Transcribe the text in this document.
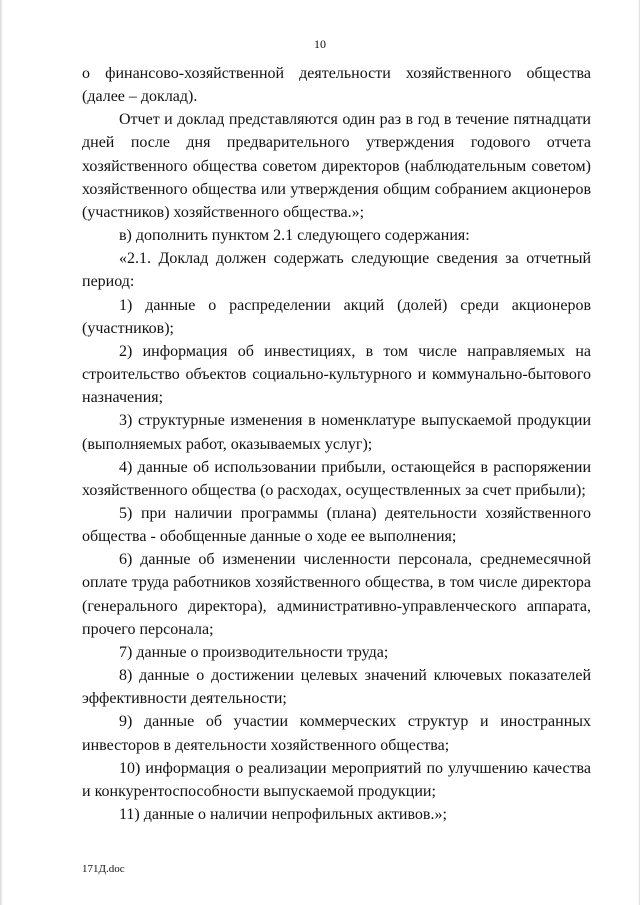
10

о финансово-хозяйственной деятельности хозяйственного общества (далее – доклад).

Отчет и доклад представляются один раз в год в течение пятнадцати дней после дня предварительного утверждения годового отчета хозяйственного общества советом директоров (наблюдательным советом) хозяйственного общества или утверждения общим собранием акционеров (участников) хозяйственного общества.»;

в) дополнить пунктом 2.1 следующего содержания:

«2.1. Доклад должен содержать следующие сведения за отчетный период:

1) данные о распределении акций (долей) среди акционеров (участников);

2) информация об инвестициях, в том числе направляемых на строительство объектов социально-культурного и коммунально-бытового назначения;

3) структурные изменения в номенклатуре выпускаемой продукции (выполняемых работ, оказываемых услуг);

4) данные об использовании прибыли, остающейся в распоряжении хозяйственного общества (о расходах, осуществленных за счет прибыли);

5) при наличии программы (плана) деятельности хозяйственного общества - обобщенные данные о ходе ее выполнения;

6) данные об изменении численности персонала, среднемесячной оплате труда работников хозяйственного общества, в том числе директора (генерального директора), административно-управленческого аппарата, прочего персонала;

7) данные о производительности труда;

8) данные о достижении целевых значений ключевых показателей эффективности деятельности;

9) данные об участии коммерческих структур и иностранных инвесторов в деятельности хозяйственного общества;

10) информация о реализации мероприятий по улучшению качества и конкурентоспособности выпускаемой продукции;

11) данные о наличии непрофильных активов.»;

171Д.doc
